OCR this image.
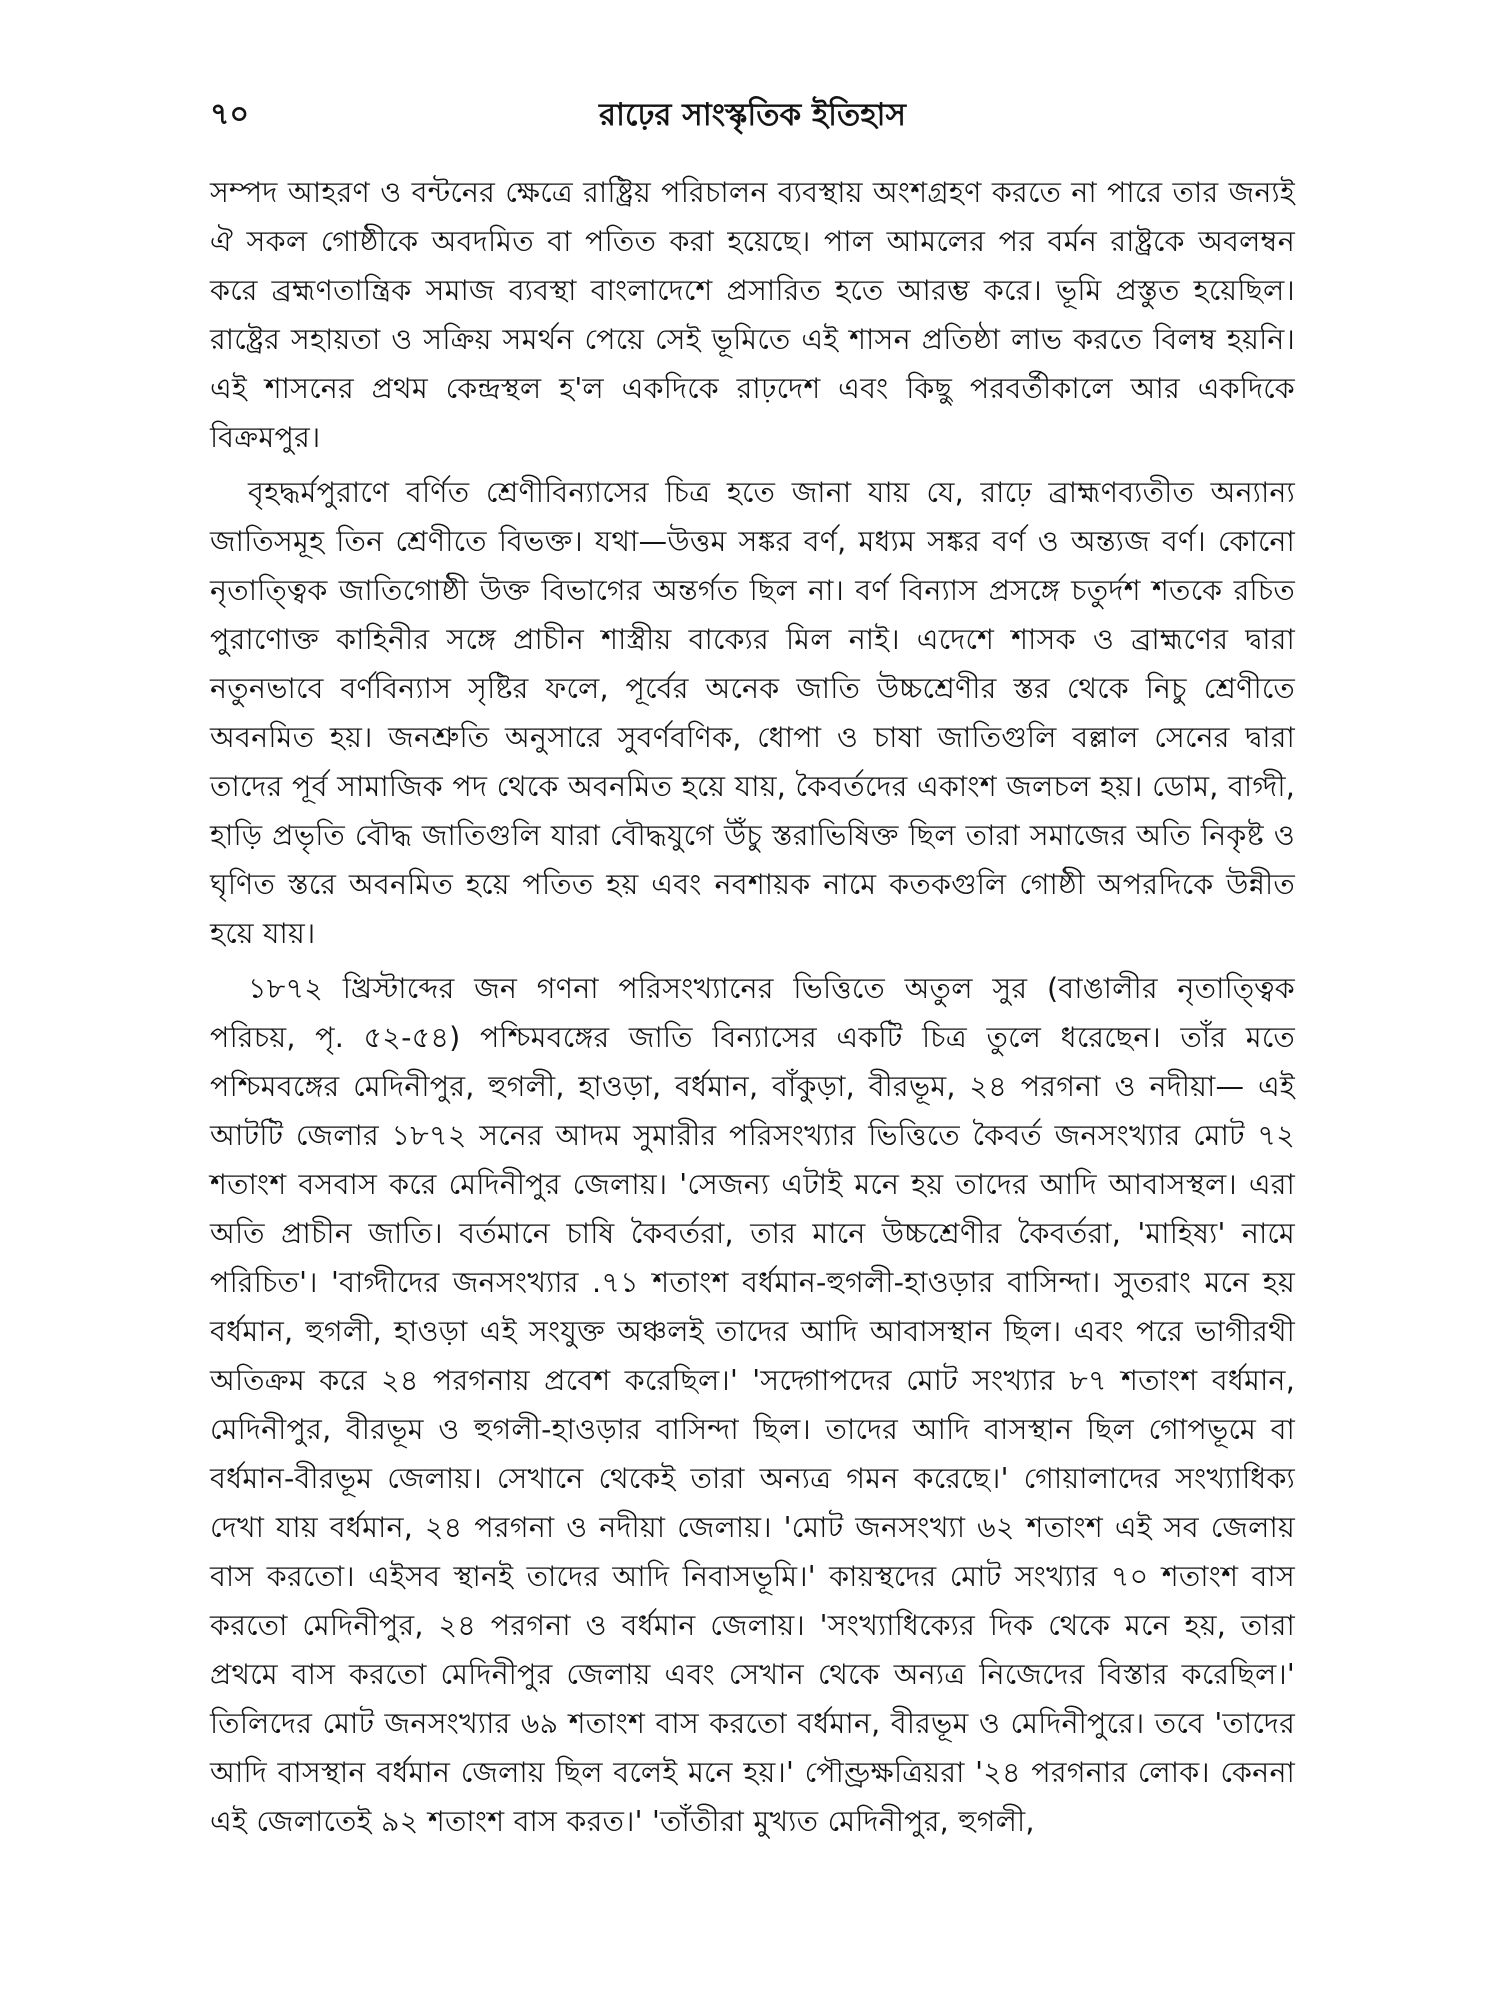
৭০	রাঢ়ের সাংস্কৃতিক ইতিহাস

সম্পদ আহরণ ও বন্টনের ক্ষেত্রে রাষ্ট্রিয় পরিচালন ব্যবস্থায় অংশগ্রহণ করতে না পারে তার জন্যই ঐ সকল গোষ্ঠীকে অবদমিত বা পতিত করা হয়েছে। পাল আমলের পর বর্মন রাষ্ট্রকে অবলম্বন করে ব্রহ্মণতান্ত্রিক সমাজ ব্যবস্থা বাংলাদেশে প্রসারিত হতে আরম্ভ করে। ভূমি প্রস্তুত হয়েছিল। রাষ্ট্রের সহায়তা ও সক্রিয় সমর্থন পেয়ে সেই ভূমিতে এই শাসন প্রতিষ্ঠা লাভ করতে বিলম্ব হয়নি। এই শাসনের প্রথম কেন্দ্রস্থল হ'ল একদিকে রাঢ়দেশ এবং কিছু পরবর্তীকালে আর একদিকে বিক্রমপুর।

বৃহদ্ধর্মপুরাণে বর্ণিত শ্রেণীবিন্যাসের চিত্র হতে জানা যায় যে, রাঢ়ে ব্রাহ্মণব্যতীত অন্যান্য জাতিসমূহ তিন শ্রেণীতে বিভক্ত। যথা—উত্তম সঙ্কর বর্ণ, মধ্যম সঙ্কর বর্ণ ও অন্ত্যজ বর্ণ। কোনো নৃতাত্ত্বিক জাতিগোষ্ঠী উক্ত বিভাগের অন্তর্গত ছিল না। বর্ণ বিন্যাস প্রসঙ্গে চতুর্দশ শতকে রচিত পুরাণোক্ত কাহিনীর সঙ্গে প্রাচীন শাস্ত্রীয় বাক্যের মিল নাই। এদেশে শাসক ও ব্রাহ্মণের দ্বারা নতুনভাবে বর্ণবিন্যাস সৃষ্টির ফলে, পূর্বের অনেক জাতি উচ্চশ্রেণীর স্তর থেকে নিচু শ্রেণীতে অবনমিত হয়। জনশ্রুতি অনুসারে সুবর্ণবণিক, ধোপা ও চাষা জাতিগুলি বল্লাল সেনের দ্বারা তাদের পূর্ব সামাজিক পদ থেকে অবনমিত হয়ে যায়, কৈবর্তদের একাংশ জলচল হয়। ডোম, বাগ্দী, হাড়ি প্রভৃতি বৌদ্ধ জাতিগুলি যারা বৌদ্ধযুগে উঁচু স্তরাভিষিক্ত ছিল তারা সমাজের অতি নিকৃষ্ট ও ঘৃণিত স্তরে অবনমিত হয়ে পতিত হয় এবং নবশায়ক নামে কতকগুলি গোষ্ঠী অপরদিকে উন্নীত হয়ে যায়।

১৮৭২ খ্রিস্টাব্দের জন গণনা পরিসংখ্যানের ভিত্তিতে অতুল সুর (বাঙালীর নৃতাত্ত্বিক পরিচয়, পৃ. ৫২-৫৪) পশ্চিমবঙ্গের জাতি বিন্যাসের একটি চিত্র তুলে ধরেছেন। তাঁর মতে পশ্চিমবঙ্গের মেদিনীপুর, হুগলী, হাওড়া, বর্ধমান, বাঁকুড়া, বীরভূম, ২৪ পরগনা ও নদীয়া— এই আটটি জেলার ১৮৭২ সনের আদম সুমারীর পরিসংখ্যার ভিত্তিতে কৈবর্ত জনসংখ্যার মোট ৭২ শতাংশ বসবাস করে মেদিনীপুর জেলায়। 'সেজন্য এটাই মনে হয় তাদের আদি আবাসস্থল। এরা অতি প্রাচীন জাতি। বর্তমানে চাষি কৈবর্তরা, তার মানে উচ্চশ্রেণীর কৈবর্তরা, 'মাহিষ্য' নামে পরিচিত'। 'বাগ্দীদের জনসংখ্যার .৭১ শতাংশ বর্ধমান-হুগলী-হাওড়ার বাসিন্দা। সুতরাং মনে হয় বর্ধমান, হুগলী, হাওড়া এই সংযুক্ত অঞ্চলই তাদের আদি আবাসস্থান ছিল। এবং পরে ভাগীরথী অতিক্রম করে ২৪ পরগনায় প্রবেশ করেছিল।' 'সদ্গোপদের মোট সংখ্যার ৮৭ শতাংশ বর্ধমান, মেদিনীপুর, বীরভূম ও হুগলী-হাওড়ার বাসিন্দা ছিল। তাদের আদি বাসস্থান ছিল গোপভূমে বা বর্ধমান-বীরভূম জেলায়। সেখানে থেকেই তারা অন্যত্র গমন করেছে।' গোয়ালাদের সংখ্যাধিক্য দেখা যায় বর্ধমান, ২৪ পরগনা ও নদীয়া জেলায়। 'মোট জনসংখ্যা ৬২ শতাংশ এই সব জেলায় বাস করতো। এইসব স্থানই তাদের আদি নিবাসভূমি।' কায়স্থদের মোট সংখ্যার ৭০ শতাংশ বাস করতো মেদিনীপুর, ২৪ পরগনা ও বর্ধমান জেলায়। 'সংখ্যাধিক্যের দিক থেকে মনে হয়, তারা প্রথমে বাস করতো মেদিনীপুর জেলায় এবং সেখান থেকে অন্যত্র নিজেদের বিস্তার করেছিল।' তিলিদের মোট জনসংখ্যার ৬৯ শতাংশ বাস করতো বর্ধমান, বীরভূম ও মেদিনীপুরে। তবে 'তাদের আদি বাসস্থান বর্ধমান জেলায় ছিল বলেই মনে হয়।' পৌণ্ড্রক্ষত্রিয়রা '২৪ পরগনার লোক। কেননা এই জেলাতেই ৯২ শতাংশ বাস করত।' 'তাঁতীরা মুখ্যত মেদিনীপুর, হুগলী,
